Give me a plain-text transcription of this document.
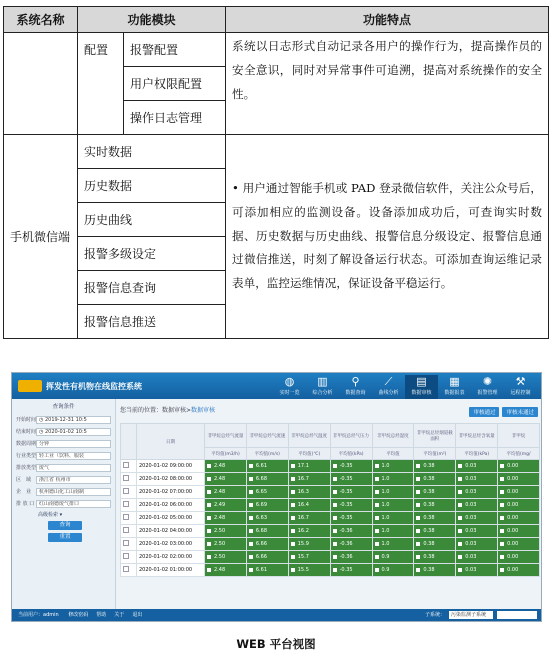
系统名称	功能模块		功能特点
	配置	报警配置	系统以日志形式自动记录各用户的操作行为，提高操作员的安全意识，同时对异常事件可追溯，提高对系统操作的安全性。
		用户权限配置	
		操作日志管理	
手机微信端	实时数据		• 用户通过智能手机或 PAD 登录微信软件，关注公众号后，可添加相应的监测设备。设备添加成功后，可查询实时数据、历史数据与历史曲线、报警信息分级设定、报警信息通过微信推送，时刻了解设备运行状态。可添加查询运维记录表单，监控运维情况，保证设备平稳运行。
	历史数据		
	历史曲线		
	报警多级设定		
	报警信息查询		
	报警信息推送		
挥发性有机物在线监控系统	◍
实时一览
▥
综合分析
⚲
数据查询
⟋
曲线分析
▤
数据审核
▦
数据报表
✺
报警管理
⚒
远程控制
查询条件
开始时间 ◷ 2019-12-31 10:5
结束时间 ◷ 2020-01-02 10:5
数据周期 分钟
行业类型 轻工业（饮料、服装
排放类型 废气
区　域	浙江省 杭州市
企　业	杭州德山化工山南制
排 放 口 红山南德废气排口
高级检索 ▾
查询
重置
您当前的位置：数据审核>数据审核	审核通过	审核未通过
	日期	非甲烷总烃气流量	非甲烷总烃气流速	非甲烷总烃气温度	非甲烷总烃气压力	非甲烷总烃湿度	非甲烷总烃烟道截面积	非甲烷总烃含氧量	非甲烷
		平均值(m3/h)	平均值(m/s)	平均值(℃)	平均值(kPa)	平均值	平均值(m²)	平均值(kPa)	平均值(mg/
	2020-01-02 09:00:00	2.48	6.61	17.1	-0.35	1.0	0.38	0.03	0.00
	2020-01-02 08:00:00	2.48	6.68	16.7	-0.35	1.0	0.38	0.03	0.00
	2020-01-02 07:00:00	2.48	6.65	16.3	-0.35	1.0	0.38	0.03	0.00
	2020-01-02 06:00:00	2.49	6.69	16.4	-0.35	1.0	0.38	0.03	0.00
	2020-01-02 05:00:00	2.48	6.63	16.7	-0.35	1.0	0.38	0.03	0.00
	2020-01-02 04:00:00	2.50	6.68	16.2	-0.36	1.0	0.38	0.03	0.00
	2020-01-02 03:00:00	2.50	6.66	15.9	-0.36	1.0	0.38	0.03	0.00
	2020-01-02 02:00:00	2.50	6.66	15.7	-0.36	0.9	0.38	0.03	0.00
	2020-01-02 01:00:00	2.48	6.61	15.5	-0.35	0.9	0.38	0.03	0.00
当前用户：admin 修改密码 帮助 关于 退出	子系统：	污染监测子系统
WEB 平台视图
